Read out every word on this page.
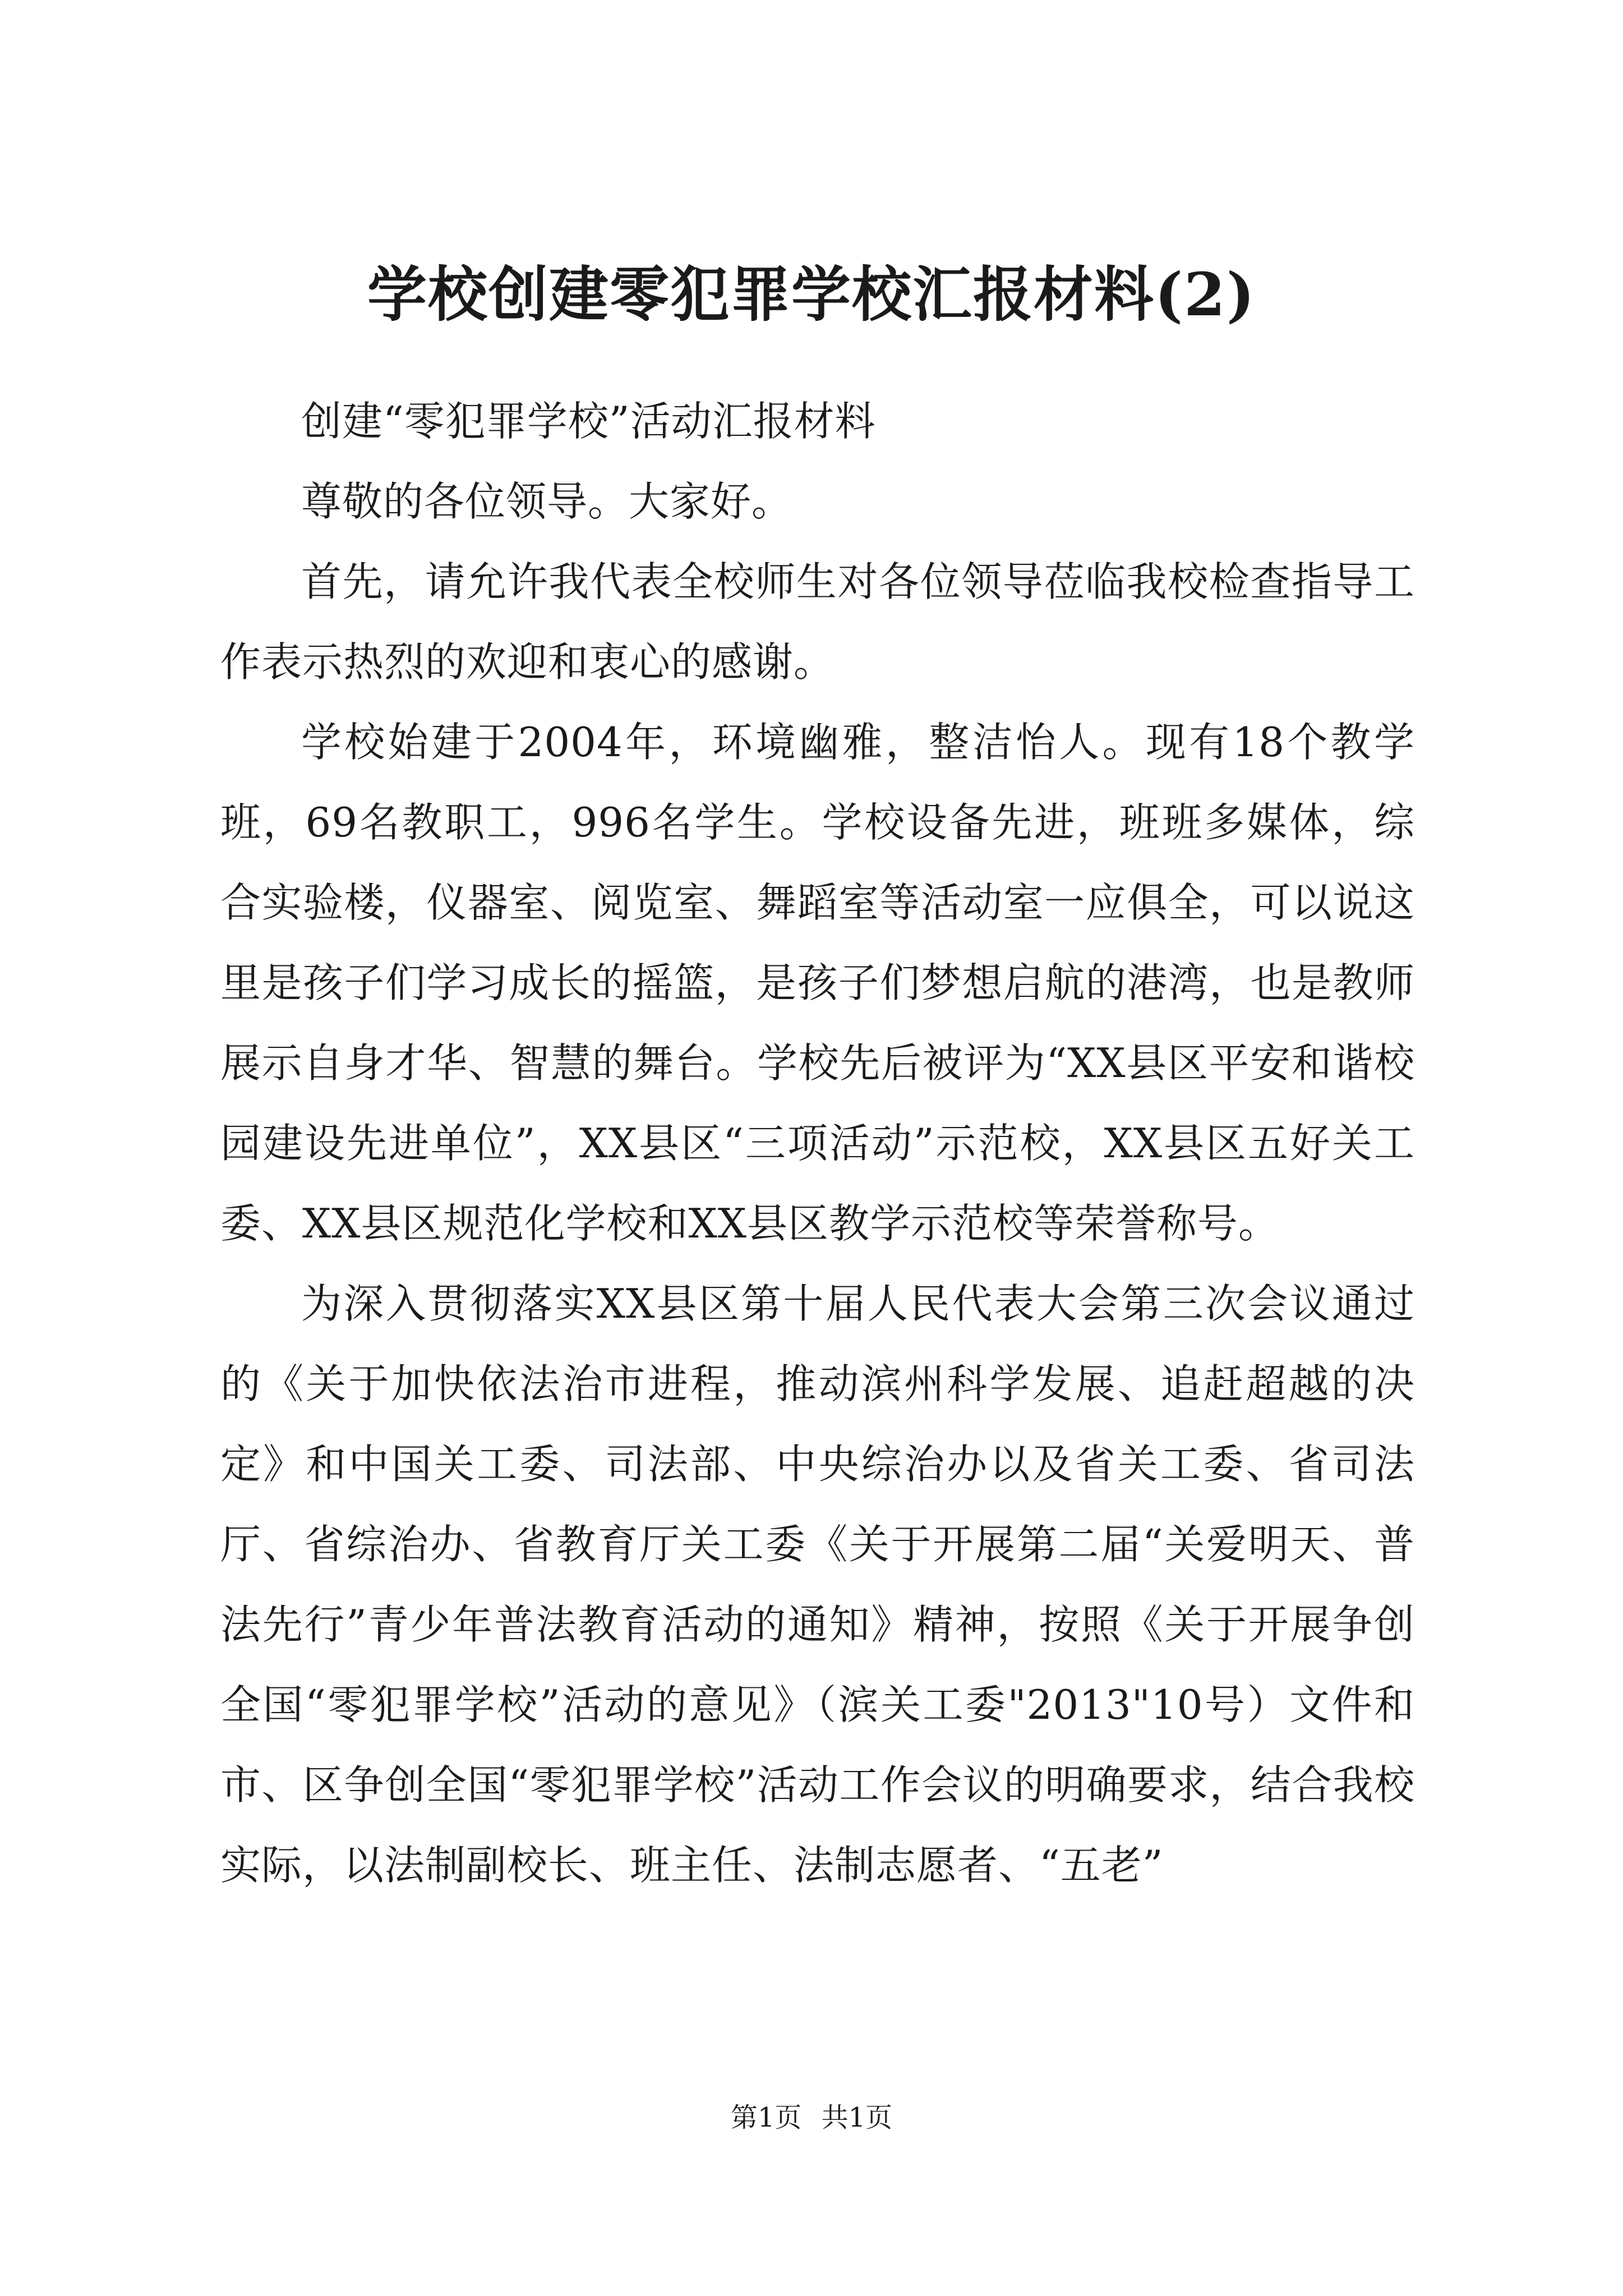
学校创建零犯罪学校汇报材料(2)

创建“零犯罪学校”活动汇报材料

尊敬的各位领导。大家好。

首先，请允许我代表全校师生对各位领导莅临我校检查指导工作表示热烈的欢迎和衷心的感谢。

学校始建于2004年，环境幽雅，整洁怡人。现有18个教学班，69名教职工，996名学生。学校设备先进，班班多媒体，综合实验楼，仪器室、阅览室、舞蹈室等活动室一应俱全，可以说这里是孩子们学习成长的摇篮，是孩子们梦想启航的港湾，也是教师展示自身才华、智慧的舞台。学校先后被评为“XX县区平安和谐校园建设先进单位”，XX县区“三项活动”示范校，XX县区五好关工委、XX县区规范化学校和XX县区教学示范校等荣誉称号。

为深入贯彻落实XX县区第十届人民代表大会第三次会议通过的《关于加快依法治市进程，推动滨州科学发展、追赶超越的决定》和中国关工委、司法部、中央综治办以及省关工委、省司法厅、省综治办、省教育厅关工委《关于开展第二届“关爱明天、普法先行”青少年普法教育活动的通知》精神，按照《关于开展争创全国“零犯罪学校”活动的意见》（滨关工委"2013"10号）文件和市、区争创全国“零犯罪学校”活动工作会议的明确要求，结合我校实际，以法制副校长、班主任、法制志愿者、“五老”

第1页 共1页
